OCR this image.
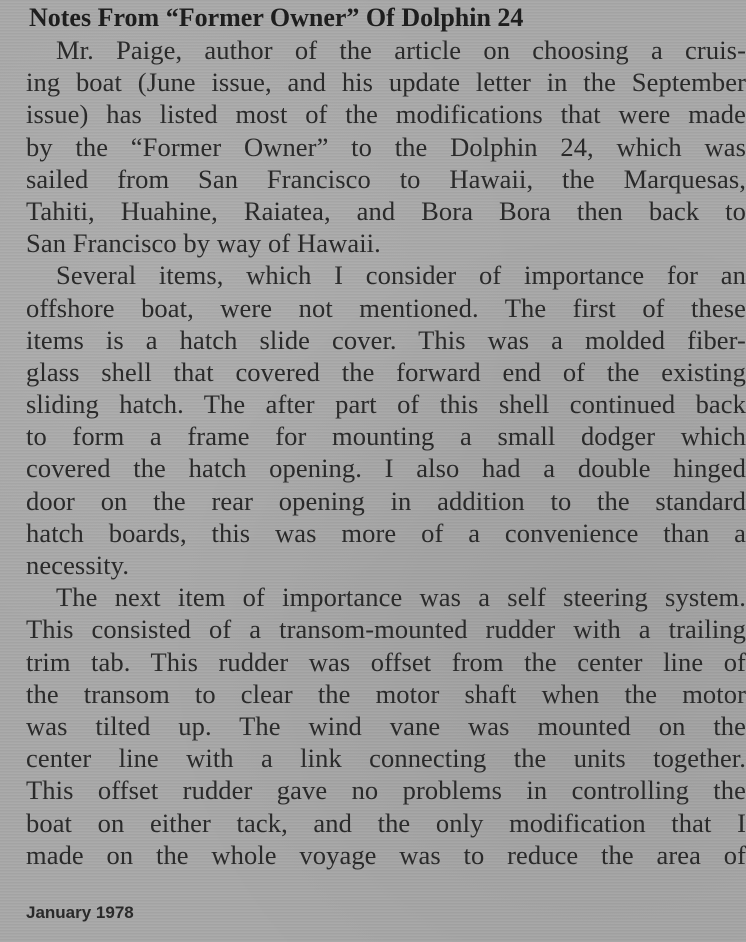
Notes From “Former Owner” Of Dolphin 24
Mr. Paige, author of the article on choosing a cruis-
ing boat (June issue, and his update letter in the September
issue) has listed most of the modifications that were made
by the “Former Owner” to the Dolphin 24, which was
sailed from San Francisco to Hawaii, the Marquesas,
Tahiti, Huahine, Raiatea, and Bora Bora then back to
San Francisco by way of Hawaii.
Several items, which I consider of importance for an
offshore boat, were not mentioned. The first of these
items is a hatch slide cover. This was a molded fiber-
glass shell that covered the forward end of the existing
sliding hatch. The after part of this shell continued back
to form a frame for mounting a small dodger which
covered the hatch opening. I also had a double hinged
door on the rear opening in addition to the standard
hatch boards, this was more of a convenience than a
necessity.
The next item of importance was a self steering system.
This consisted of a transom-mounted rudder with a trailing
trim tab. This rudder was offset from the center line of
the transom to clear the motor shaft when the motor
was tilted up. The wind vane was mounted on the
center line with a link connecting the units together.
This offset rudder gave no problems in controlling the
boat on either tack, and the only modification that I
made on the whole voyage was to reduce the area of
January 1978
